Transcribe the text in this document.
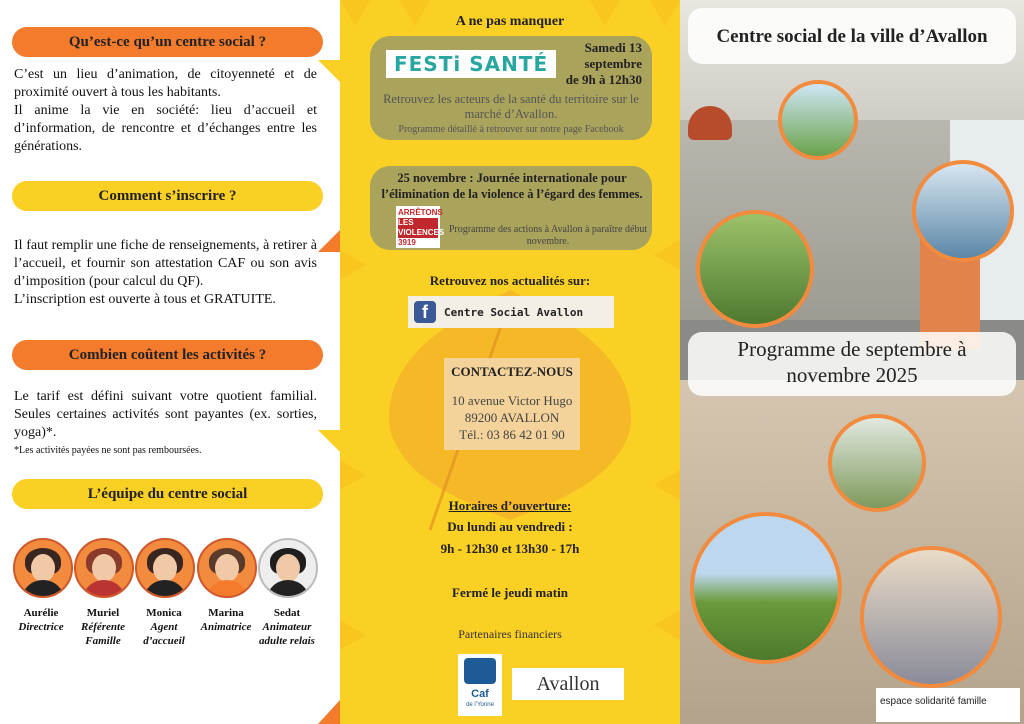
Qu’est-ce qu’un centre social ?

C’est un lieu d’animation, de citoyenneté et de proximité ouvert à tous les habitants.

Il anime la vie en société: lieu d’accueil et d’information, de rencontre et d’échanges entre les générations.

Comment s’inscrire ?

Il faut remplir une fiche de renseignements, à retirer à l’accueil, et fournir son attestation CAF ou son avis d’imposition (pour calcul du QF).

L’inscription est ouverte à tous et GRATUITE.

Combien coûtent les activités ?

Le tarif est défini suivant votre quotient familial. Seules certaines activités sont payantes (ex. sorties, yoga)*.

*Les activités payées ne sont pas remboursées.

L’équipe du centre social
Aurélie
Directrice
Muriel
Référente Famille
Monica
Agent d’accueil
Marina
Animatrice
Sedat
Animateur adulte relais
A ne pas manquer
FESTi SANTÉ
Samedi 13 septembre
de 9h à 12h30
Retrouvez les acteurs de la santé du territoire sur le marché d’Avallon.
Programme détaillé à retrouver sur notre page Facebook
25 novembre : Journée internationale pour l’élimination de la violence à l’égard des femmes.
ARRÊTONS
LES VIOLENCES
3919
Programme des actions à Avallon à paraître début novembre.
Retrouvez nos actualités sur:
f	Centre Social Avallon
CONTACTEZ-NOUS
10 avenue Victor Hugo
89200 AVALLON
Tél.: 03 86 42 01 90
Horaires d’ouverture:
Du lundi au vendredi :
9h - 12h30 et 13h30 - 17h
Fermé le jeudi matin
Partenaires financiers
Caf
de l’Yonne
Avallon
Centre social de la ville d’Avallon
Programme de septembre à novembre 2025
espace solidarité famille
